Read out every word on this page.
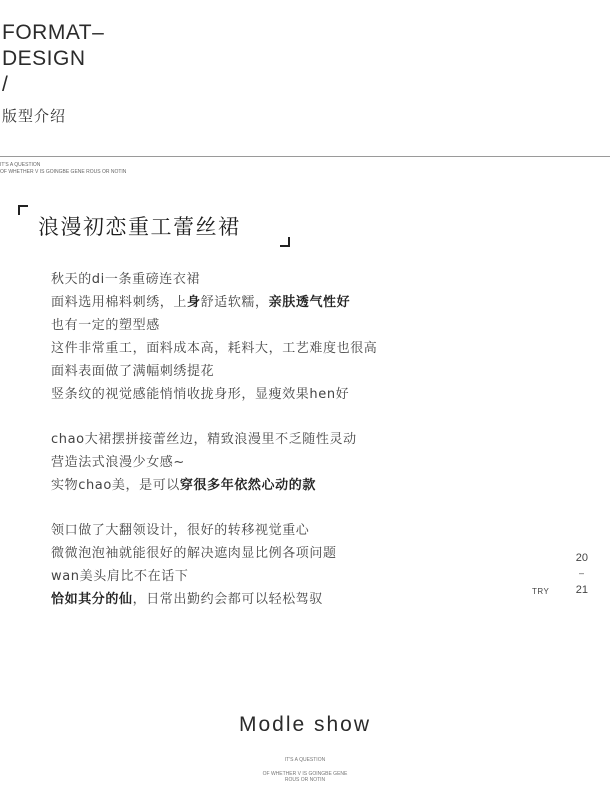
FORMAT–
DESIGN
/
版型介绍
IT'S A QUESTION
OF WHETHER V IS GOINGBE GENE ROUS OR NOTIN
浪漫初恋重工蕾丝裙
秋天的di一条重磅连衣裙
面料选用棉料刺绣，上身舒适软糯，亲肤透气性好
也有一定的塑型感
这件非常重工，面料成本高，耗料大，工艺难度也很高
面料表面做了满幅刺绣提花
竖条纹的视觉感能悄悄收拢身形，显瘦效果hen好
chao大裙摆拼接蕾丝边，精致浪漫里不乏随性灵动
营造法式浪漫少女感~
实物chao美，是可以穿很多年依然心动的款
领口做了大翻领设计，很好的转移视觉重心
微微泡泡袖就能很好的解决遮肉显比例各项问题
wan美头肩比不在话下
恰如其分的仙，日常出勤约会都可以轻松驾驭
20
–
TRY 21
Modle show
IT'S A QUESTION
OF WHETHER V IS GOINGBE GENE
ROUS OR NOTIN
